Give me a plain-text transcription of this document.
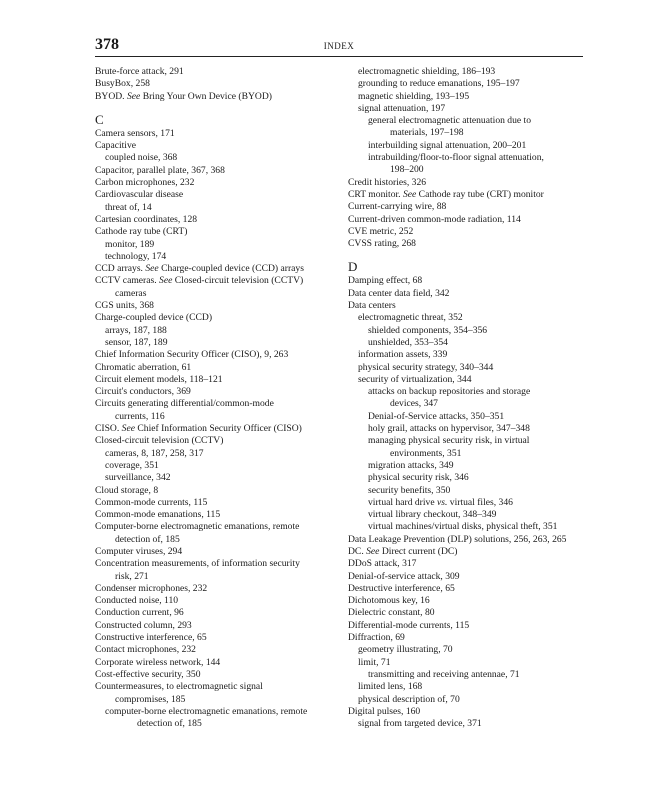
378	INDEX
Brute-force attack, 291
BusyBox, 258
BYOD. See Bring Your Own Device (BYOD)
C
Camera sensors, 171
Capacitive
coupled noise, 368
Capacitor, parallel plate, 367, 368
Carbon microphones, 232
Cardiovascular disease
threat of, 14
Cartesian coordinates, 128
Cathode ray tube (CRT)
monitor, 189
technology, 174
CCD arrays. See Charge-coupled device (CCD) arrays
CCTV cameras. See Closed-circuit television (CCTV)
cameras
CGS units, 368
Charge-coupled device (CCD)
arrays, 187, 188
sensor, 187, 189
Chief Information Security Officer (CISO), 9, 263
Chromatic aberration, 61
Circuit element models, 118–121
Circuit's conductors, 369
Circuits generating differential/common-mode
currents, 116
CISO. See Chief Information Security Officer (CISO)
Closed-circuit television (CCTV)
cameras, 8, 187, 258, 317
coverage, 351
surveillance, 342
Cloud storage, 8
Common-mode currents, 115
Common-mode emanations, 115
Computer-borne electromagnetic emanations, remote
detection of, 185
Computer viruses, 294
Concentration measurements, of information security
risk, 271
Condenser microphones, 232
Conducted noise, 110
Conduction current, 96
Constructed column, 293
Constructive interference, 65
Contact microphones, 232
Corporate wireless network, 144
Cost-effective security, 350
Countermeasures, to electromagnetic signal
compromises, 185
computer-borne electromagnetic emanations, remote
detection of, 185
electromagnetic shielding, 186–193
grounding to reduce emanations, 195–197
magnetic shielding, 193–195
signal attenuation, 197
general electromagnetic attenuation due to
materials, 197–198
interbuilding signal attenuation, 200–201
intrabuilding/floor-to-floor signal attenuation,
198–200
Credit histories, 326
CRT monitor. See Cathode ray tube (CRT) monitor
Current-carrying wire, 88
Current-driven common-mode radiation, 114
CVE metric, 252
CVSS rating, 268
D
Damping effect, 68
Data center data field, 342
Data centers
electromagnetic threat, 352
shielded components, 354–356
unshielded, 353–354
information assets, 339
physical security strategy, 340–344
security of virtualization, 344
attacks on backup repositories and storage
devices, 347
Denial-of-Service attacks, 350–351
holy grail, attacks on hypervisor, 347–348
managing physical security risk, in virtual
environments, 351
migration attacks, 349
physical security risk, 346
security benefits, 350
virtual hard drive vs. virtual files, 346
virtual library checkout, 348–349
virtual machines/virtual disks, physical theft, 351
Data Leakage Prevention (DLP) solutions, 256, 263, 265
DC. See Direct current (DC)
DDoS attack, 317
Denial-of-service attack, 309
Destructive interference, 65
Dichotomous key, 16
Dielectric constant, 80
Differential-mode currents, 115
Diffraction, 69
geometry illustrating, 70
limit, 71
transmitting and receiving antennae, 71
limited lens, 168
physical description of, 70
Digital pulses, 160
signal from targeted device, 371
